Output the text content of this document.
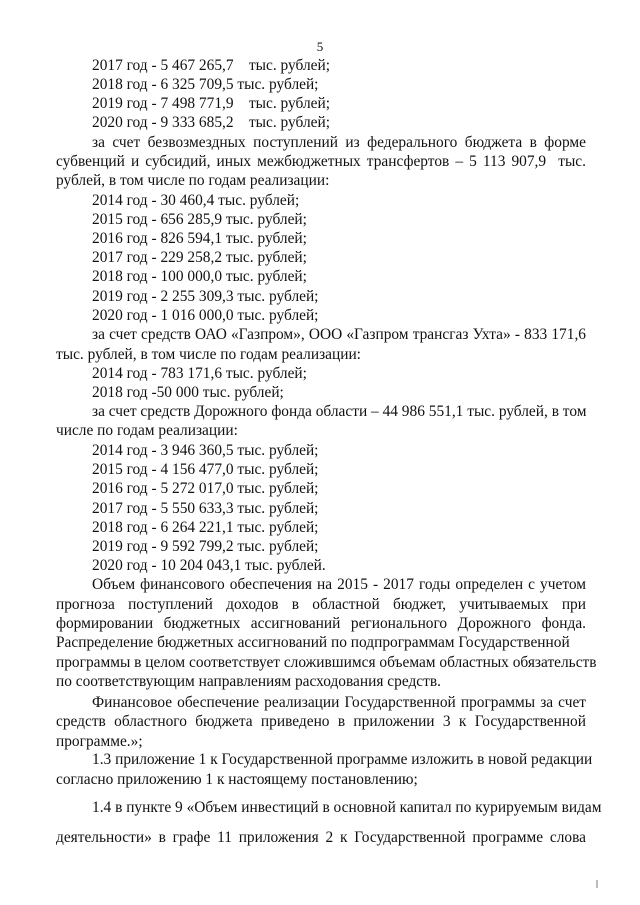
5
2017 год - 5 467 265,7    тыс. рублей;
2018 год - 6 325 709,5 тыс. рублей;
2019 год - 7 498 771,9    тыс. рублей;
2020 год - 9 333 685,2    тыс. рублей;
за счет безвозмездных поступлений из федерального бюджета в форме
субвенций и субсидий, иных межбюджетных трансфертов – 5 113 907,9  тыс.
рублей, в том числе по годам реализации:
2014 год - 30 460,4 тыс. рублей;
2015 год - 656 285,9 тыс. рублей;
2016 год - 826 594,1 тыс. рублей;
2017 год - 229 258,2 тыс. рублей;
2018 год - 100 000,0 тыс. рублей;
2019 год - 2 255 309,3 тыс. рублей;
2020 год - 1 016 000,0 тыс. рублей;
за счет средств ОАО «Газпром», ООО «Газпром трансгаз Ухта» - 833 171,6
тыс. рублей, в том числе по годам реализации:
2014 год - 783 171,6 тыс. рублей;
2018 год -50 000 тыс. рублей;
за счет средств Дорожного фонда области – 44 986 551,1 тыс. рублей, в том
числе по годам реализации:
2014 год - 3 946 360,5 тыс. рублей;
2015 год - 4 156 477,0 тыс. рублей;
2016 год - 5 272 017,0 тыс. рублей;
2017 год - 5 550 633,3 тыс. рублей;
2018 год - 6 264 221,1 тыс. рублей;
2019 год - 9 592 799,2 тыс. рублей;
2020 год - 10 204 043,1 тыс. рублей.
Объем финансового обеспечения на 2015 - 2017 годы определен с учетом
прогноза поступлений доходов в областной бюджет, учитываемых при
формировании бюджетных ассигнований регионального Дорожного фонда.
Распределение бюджетных ассигнований по подпрограммам Государственной
программы в целом соответствует сложившимся объемам областных обязательств
по соответствующим направлениям расходования средств.
Финансовое обеспечение реализации Государственной программы за счет
средств областного бюджета приведено в приложении 3 к Государственной
программе.»;
1.3 приложение 1 к Государственной программе изложить в новой редакции
согласно приложению 1 к настоящему постановлению;
1.4 в пункте 9 «Объем инвестиций в основной капитал по курируемым видам
деятельности» в графе 11 приложения 2 к Государственной программе слова
